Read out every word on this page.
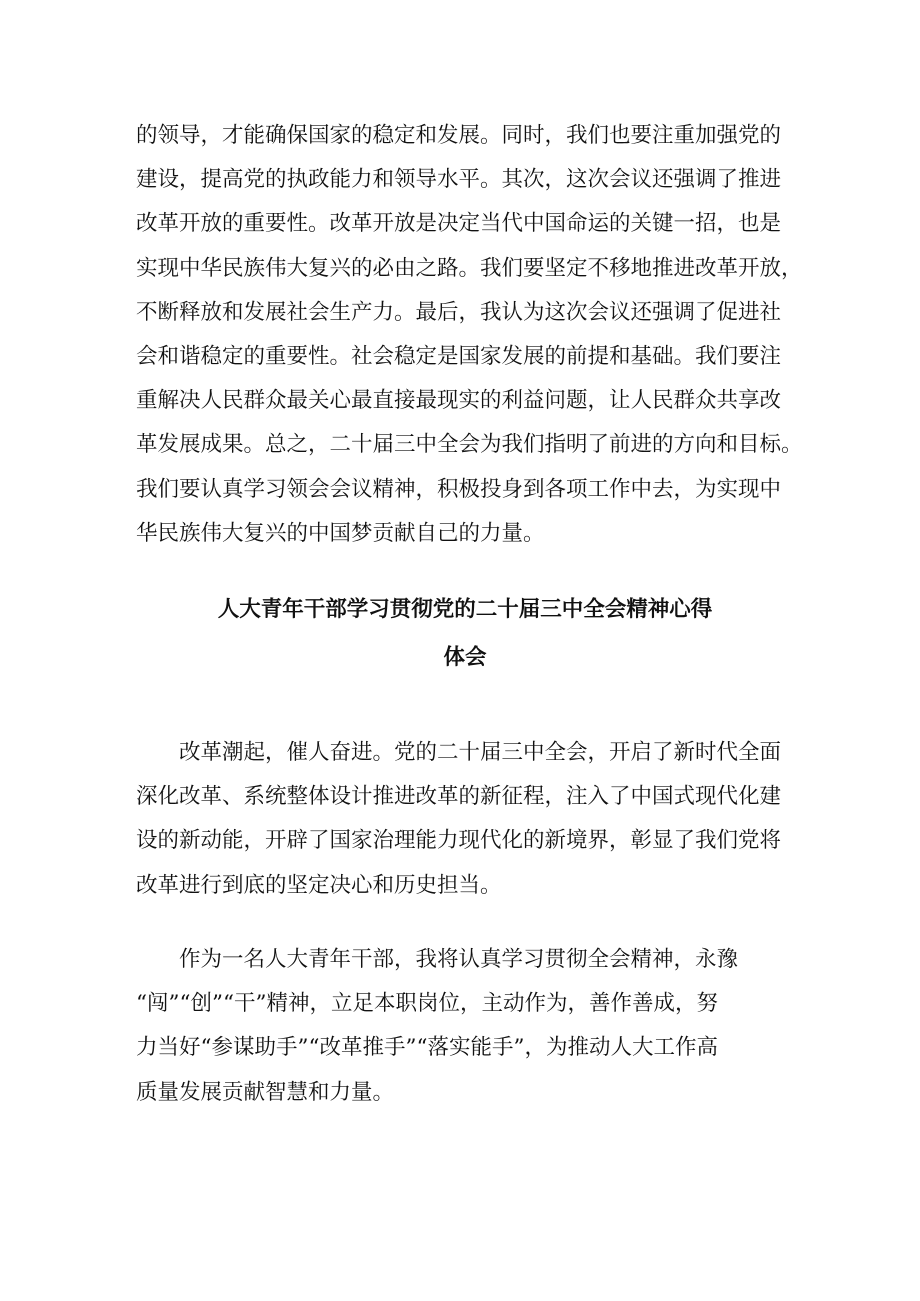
的领导，才能确保国家的稳定和发展。同时，我们也要注重加强党的
建设，提高党的执政能力和领导水平。其次，这次会议还强调了推进
改革开放的重要性。改革开放是决定当代中国命运的关键一招，也是
实现中华民族伟大复兴的必由之路。我们要坚定不移地推进改革开放，
不断释放和发展社会生产力。最后，我认为这次会议还强调了促进社
会和谐稳定的重要性。社会稳定是国家发展的前提和基础。我们要注
重解决人民群众最关心最直接最现实的利益问题，让人民群众共享改
革发展成果。总之，二十届三中全会为我们指明了前进的方向和目标。
我们要认真学习领会会议精神，积极投身到各项工作中去，为实现中
华民族伟大复兴的中国梦贡献自己的力量。
人大青年干部学习贯彻党的二十届三中全会精神心得
体会
　　改革潮起，催人奋进。党的二十届三中全会，开启了新时代全面
深化改革、系统整体设计推进改革的新征程，注入了中国式现代化建
设的新动能，开辟了国家治理能力现代化的新境界，彰显了我们党将
改革进行到底的坚定决心和历史担当。
　　作为一名人大青年干部，我将认真学习贯彻全会精神，永豫
“闯”“创”“干”精神，立足本职岗位，主动作为，善作善成，努
力当好“参谋助手”“改革推手”“落实能手”，为推动人大工作高
质量发展贡献智慧和力量。
